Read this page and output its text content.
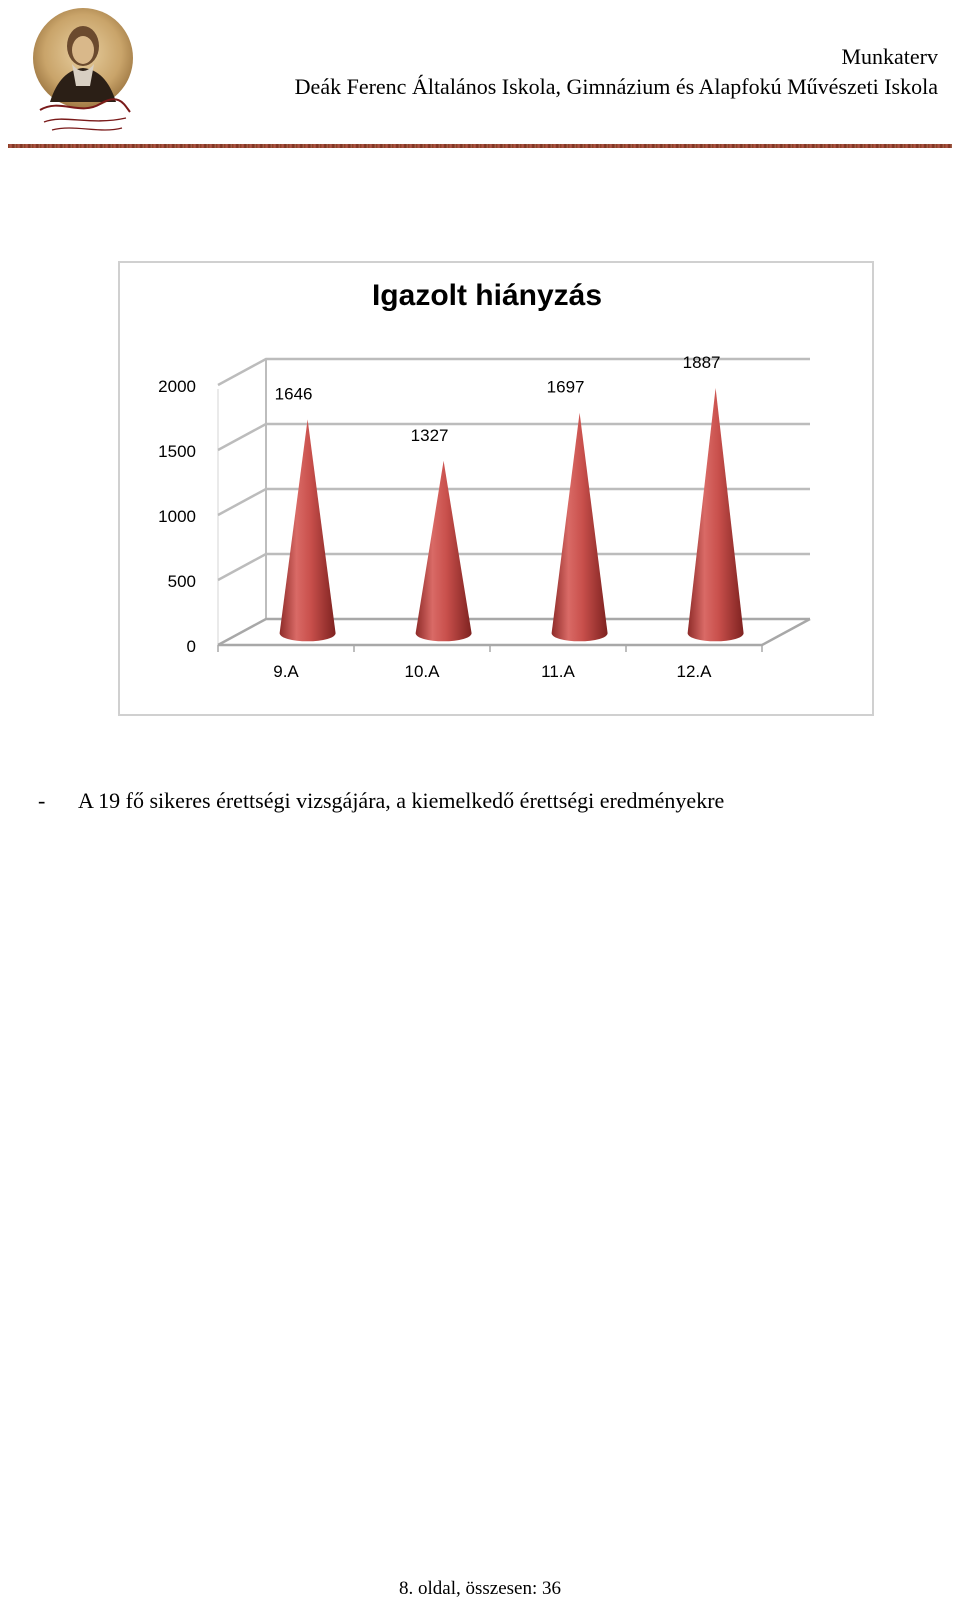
Munkaterv
Deák Ferenc Általános Iskola, Gimnázium és Alapfokú Művészeti Iskola
Igazolt hiányzás
0
500
1000
1500
2000	1646
1327
1697
1887
9.A	10.A	11.A	12.A
- A 19 fő sikeres érettségi vizsgájára, a kiemelkedő érettségi eredményekre
8. oldal, összesen: 36
